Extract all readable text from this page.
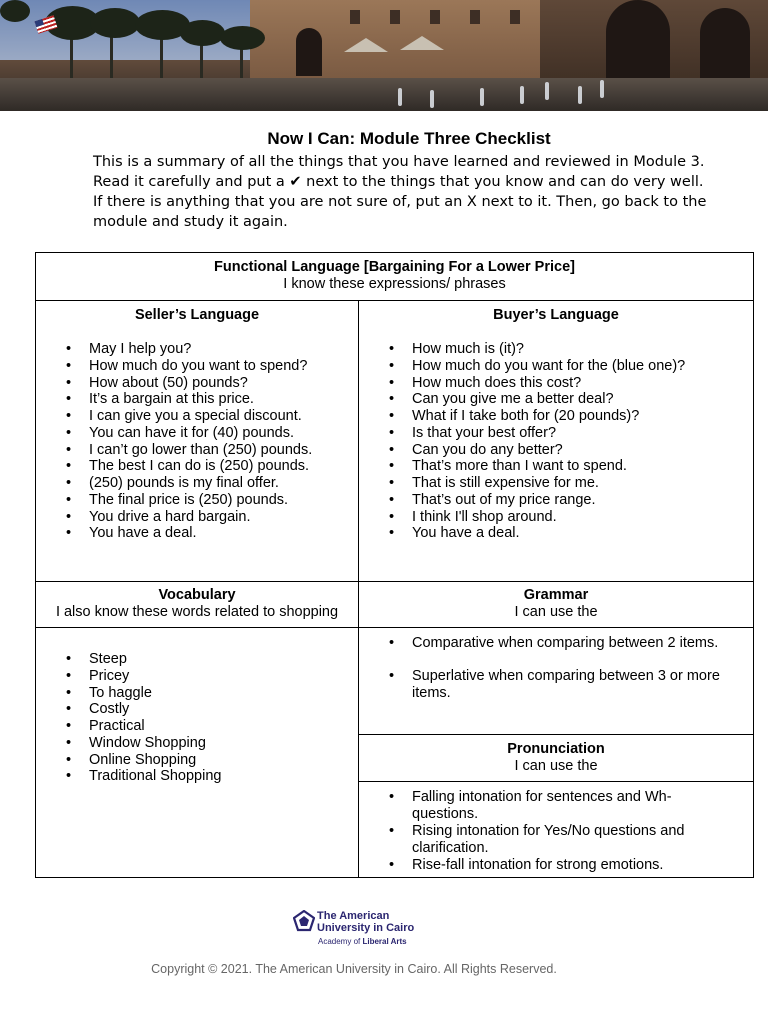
Now I Can: Module Three Checklist
This is a summary of all the things that you have learned and reviewed in Module 3. Read it carefully and put a ✔ next to the things that you know and can do very well. If there is anything that you are not sure of, put an X next to it. Then, go back to the module and study it again.
Functional Language [Bargaining For a Lower Price]
I know these expressions/ phrases
Seller’s Language
• May I help you?
• How much do you want to spend?
• How about (50) pounds?
• It’s a bargain at this price.
• I can give you a special discount.
• You can have it for (40) pounds.
• I can’t go lower than (250) pounds.
• The best I can do is (250) pounds.
• (250) pounds is my final offer.
• The final price is (250) pounds.
• You drive a hard bargain.
• You have a deal.
Buyer’s Language
• How much is (it)?
• How much do you want for the (blue one)?
• How much does this cost?
• Can you give me a better deal?
• What if I take both for (20 pounds)?
• Is that your best offer?
• Can you do any better?
• That’s more than I want to spend.
• That is still expensive for me.
• That’s out of my price range.
• I think I'll shop around.
• You have a deal.
Vocabulary
I also know these words related to shopping
• Steep
• Pricey
• To haggle
• Costly
• Practical
• Window Shopping
• Online Shopping
• Traditional Shopping
Grammar
I can use the
• Comparative when comparing between 2 items.
• Superlative when comparing between 3 or more items.
Pronunciation
I can use the
• Falling intonation for sentences and Wh-questions.
• Rising intonation for Yes/No questions and clarification.
• Rise-fall intonation for strong emotions.
The American
University in Cairo
Academy of Liberal Arts
Copyright © 2021. The American University in Cairo. All Rights Reserved.
